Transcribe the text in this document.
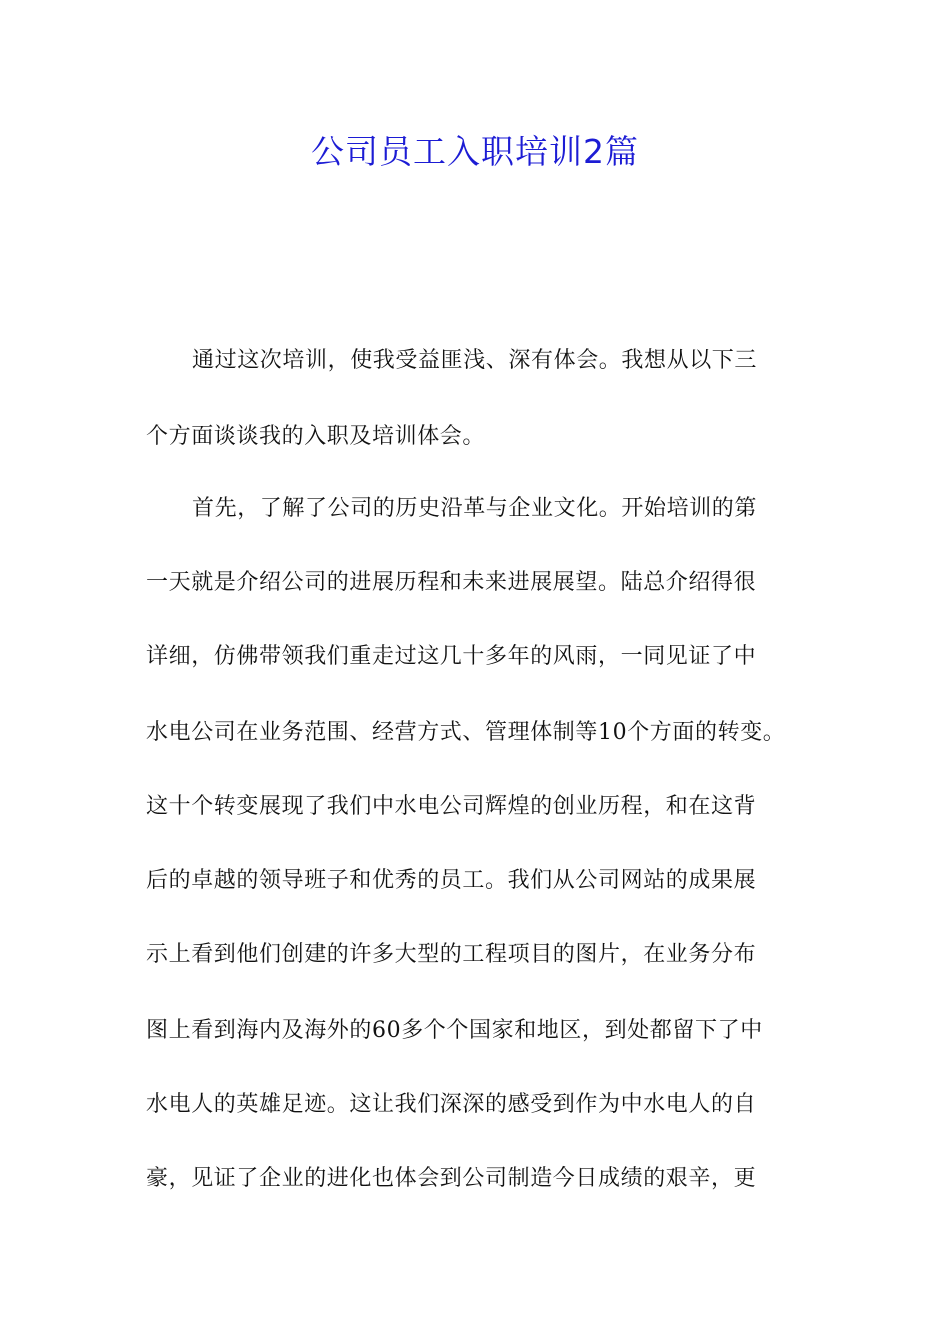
公司员工入职培训2篇

通过这次培训，使我受益匪浅、深有体会。我想从以下三

个方面谈谈我的入职及培训体会。

首先，了解了公司的历史沿革与企业文化。开始培训的第

一天就是介绍公司的进展历程和未来进展展望。陆总介绍得很

详细，仿佛带领我们重走过这几十多年的风雨，一同见证了中

水电公司在业务范围、经营方式、管理体制等10个方面的转变。

这十个转变展现了我们中水电公司辉煌的创业历程，和在这背

后的卓越的领导班子和优秀的员工。我们从公司网站的成果展

示上看到他们创建的许多大型的工程项目的图片，在业务分布

图上看到海内及海外的60多个个国家和地区，到处都留下了中

水电人的英雄足迹。这让我们深深的感受到作为中水电人的自

豪，见证了企业的进化也体会到公司制造今日成绩的艰辛，更
